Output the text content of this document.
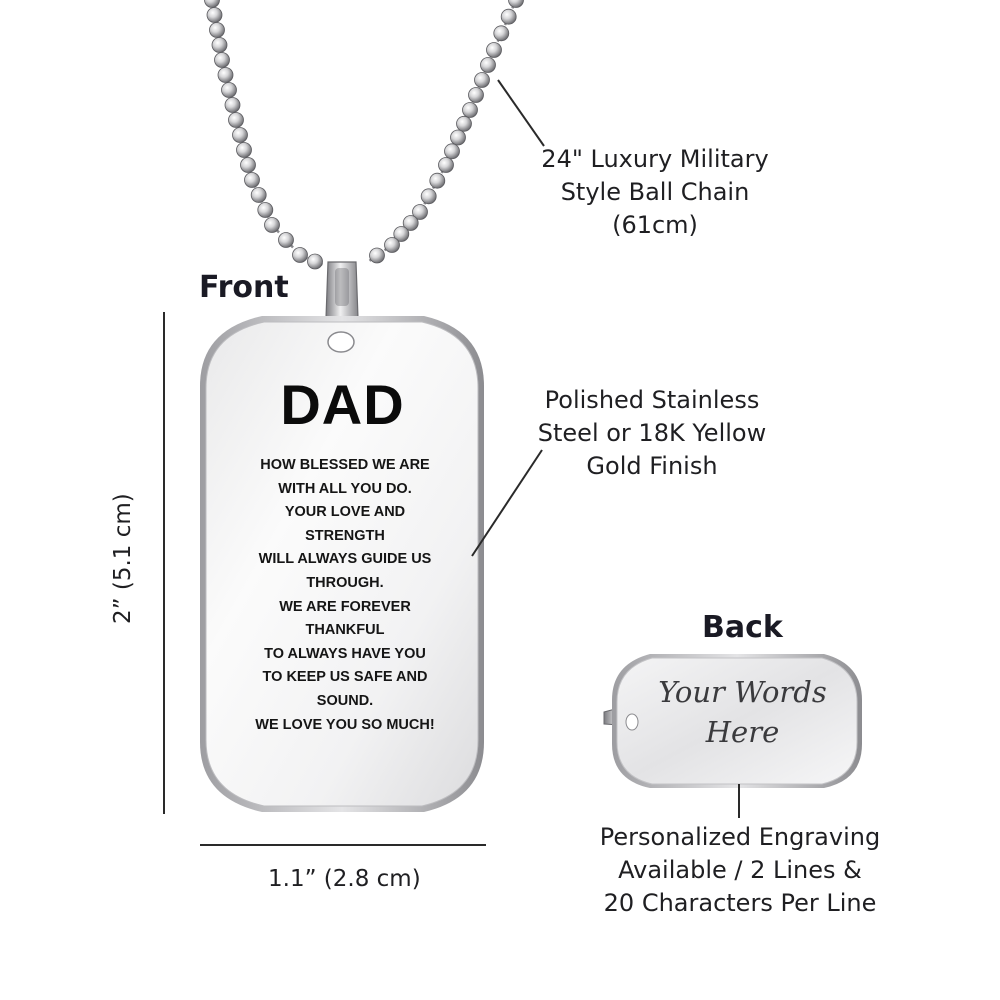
24" Luxury Military
Style Ball Chain
(61cm)
Front
Polished Stainless
Steel or 18K Yellow
Gold Finish
DAD
HOW BLESSED WE ARE
WITH ALL YOU DO.
YOUR LOVE AND
STRENGTH
WILL ALWAYS GUIDE US
THROUGH.
WE ARE FOREVER
THANKFUL
TO ALWAYS HAVE YOU
TO KEEP US SAFE AND
SOUND.
WE LOVE YOU SO MUCH!
Back
Your Words
Here
Personalized Engraving
Available / 2 Lines &
20 Characters Per Line
2” (5.1 cm)
1.1” (2.8 cm)
